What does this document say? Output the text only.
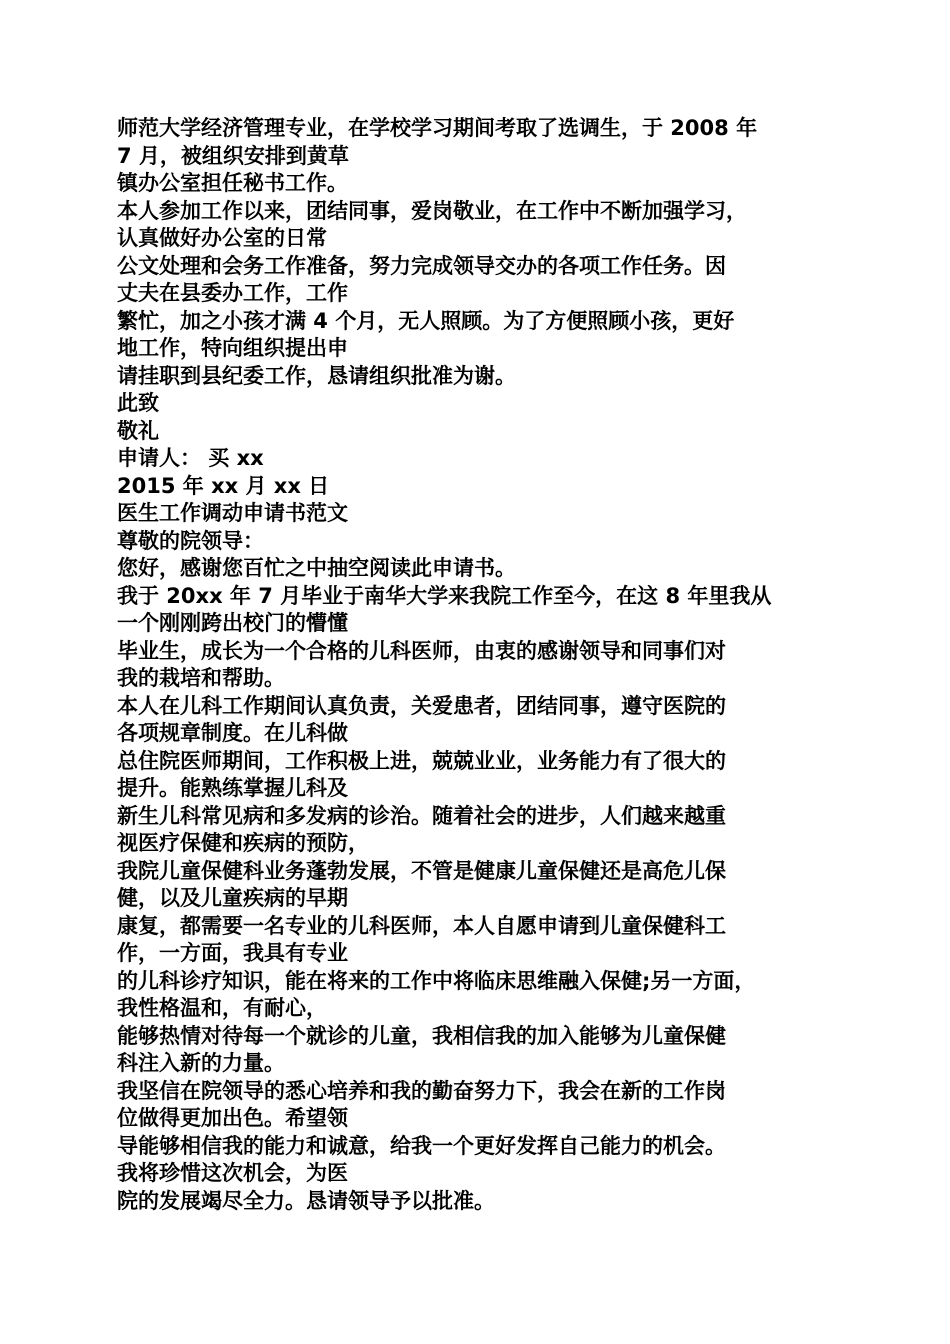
师范大学经济管理专业，在学校学习期间考取了选调生，于 2008 年
7 月，被组织安排到黄草
镇办公室担任秘书工作。
本人参加工作以来，团结同事，爱岗敬业，在工作中不断加强学习，
认真做好办公室的日常
公文处理和会务工作准备，努力完成领导交办的各项工作任务。因
丈夫在县委办工作，工作
繁忙，加之小孩才满 4 个月，无人照顾。为了方便照顾小孩，更好
地工作，特向组织提出申
请挂职到县纪委工作，恳请组织批准为谢。
此致
敬礼
申请人： 买 xx
2015 年 xx 月 xx 日
医生工作调动申请书范文
尊敬的院领导：
您好，感谢您百忙之中抽空阅读此申请书。
我于 20xx 年 7 月毕业于南华大学来我院工作至今，在这 8 年里我从
一个刚刚跨出校门的懵懂
毕业生，成长为一个合格的儿科医师，由衷的感谢领导和同事们对
我的栽培和帮助。
本人在儿科工作期间认真负责，关爱患者，团结同事，遵守医院的
各项规章制度。在儿科做
总住院医师期间，工作积极上进，兢兢业业，业务能力有了很大的
提升。能熟练掌握儿科及
新生儿科常见病和多发病的诊治。随着社会的进步，人们越来越重
视医疗保健和疾病的预防，
我院儿童保健科业务蓬勃发展，不管是健康儿童保健还是高危儿保
健，以及儿童疾病的早期
康复，都需要一名专业的儿科医师，本人自愿申请到儿童保健科工
作，一方面，我具有专业
的儿科诊疗知识，能在将来的工作中将临床思维融入保健;另一方面，
我性格温和，有耐心，
能够热情对待每一个就诊的儿童，我相信我的加入能够为儿童保健
科注入新的力量。
我坚信在院领导的悉心培养和我的勤奋努力下，我会在新的工作岗
位做得更加出色。希望领
导能够相信我的能力和诚意，给我一个更好发挥自己能力的机会。
我将珍惜这次机会，为医
院的发展竭尽全力。恳请领导予以批准。
